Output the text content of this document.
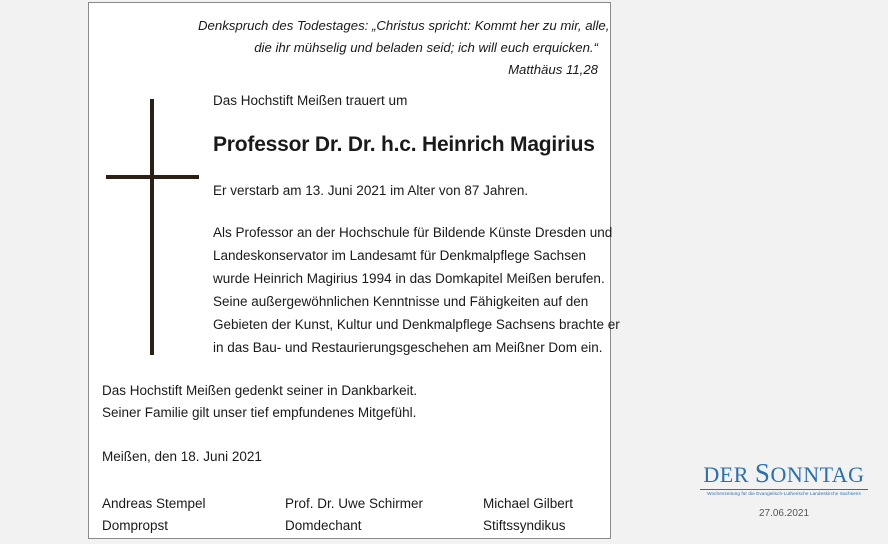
Denkspruch des Todestages: „Christus spricht: Kommt her zu mir, alle,
die ihr mühselig und beladen seid; ich will euch erquicken.“
Matthäus 11,28
Das Hochstift Meißen trauert um
Professor Dr. Dr. h.c. Heinrich Magirius
Er verstarb am 13. Juni 2021 im Alter von 87 Jahren.
Als Professor an der Hochschule für Bildende Künste Dresden und
Landeskonservator im Landesamt für Denkmalpflege Sachsen
wurde Heinrich Magirius 1994 in das Domkapitel Meißen berufen.
Seine außergewöhnlichen Kenntnisse und Fähigkeiten auf den
Gebieten der Kunst, Kultur und Denkmalpflege Sachsens brachte er
in das Bau- und Restaurierungsgeschehen am Meißner Dom ein.
Das Hochstift Meißen gedenkt seiner in Dankbarkeit.
Seiner Familie gilt unser tief empfundenes Mitgefühl.
Meißen, den 18. Juni 2021
Andreas Stempel
Dompropst
Prof. Dr. Uwe Schirmer
Domdechant
Michael Gilbert
Stiftssyndikus
DER SONNTAG
Wochenzeitung für die Evangelisch-Lutherische Landeskirche Sachsens
27.06.2021
